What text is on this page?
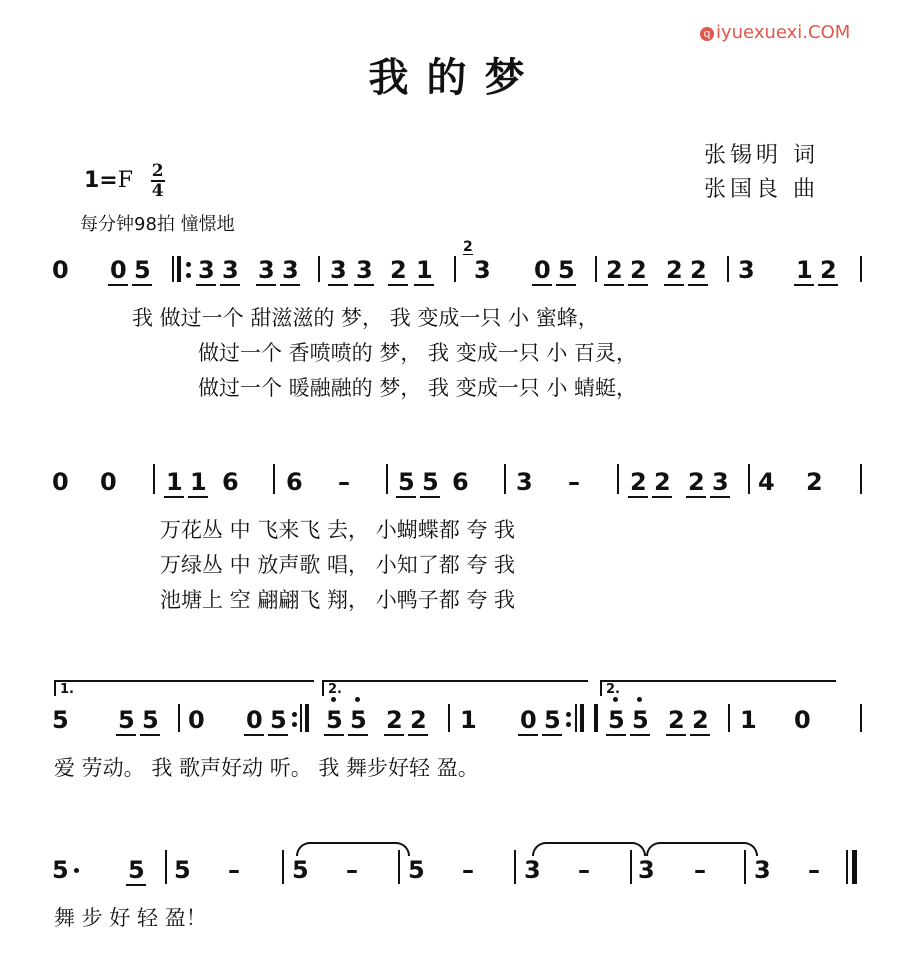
我的梦
q iyuexuexi.COM
张锡明 词
张国良 曲
$1=F \frac{2}{4}$
每分钟98拍 憧憬地
0 0 5 3 3 3 3 3 3 2 1
2
3 0 5 2 2 2 2 3 1 2
我 做过一个 甜滋滋的 梦， 我 变成一只 小 蜜蜂，
做过一个 香喷喷的 梦， 我 变成一只 小 百灵，
做过一个 暖融融的 梦， 我 变成一只 小 蜻蜓，
0 0 1 1 6 6 – 5 5 6 3 – 2 2 2 3 4 2
万花丛 中 飞来飞 去， 小蝴蝶都 夸 我
万绿丛 中 放声歌 唱， 小知了都 夸 我
池塘上 空 翩翩飞 翔， 小鸭子都 夸 我
1.	2.	2.
5 5 5 0 0 5 5 5 2 2 1 0 5 5 5 2 2 1 0
爱 劳动。 我 歌声好动 听。 我 舞步好轻 盈。
5 5 5 – 5 – 5 – 3 – 3 – 3 –
舞 步 好 轻 盈！
